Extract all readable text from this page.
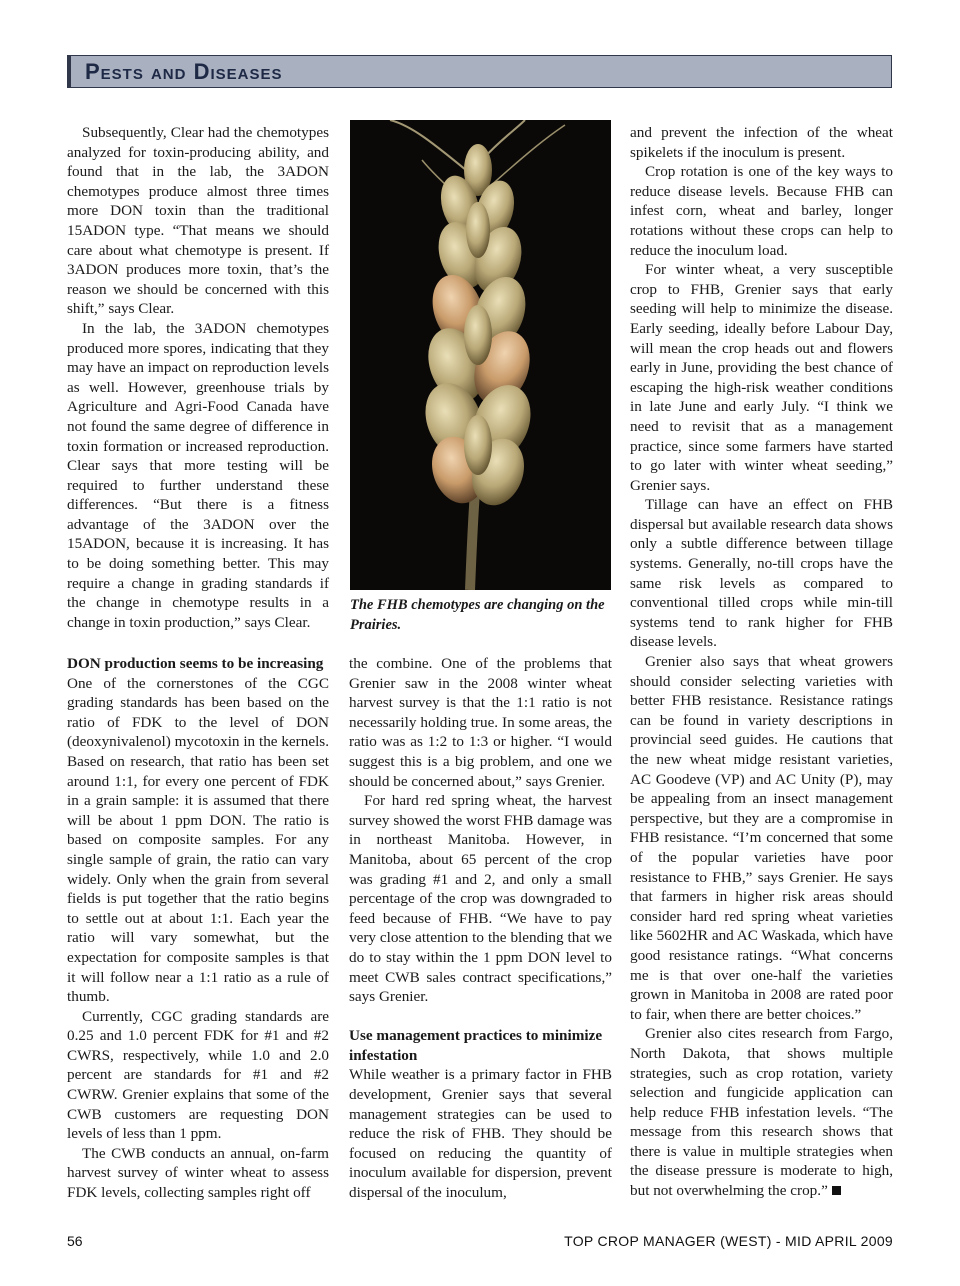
Pests and Diseases

Subsequently, Clear had the chemotypes analyzed for toxin-producing ability, and found that in the lab, the 3ADON chemotypes produce almost three times more DON toxin than the traditional 15ADON type. “That means we should care about what chemotype is present. If 3ADON produces more toxin, that’s the reason we should be concerned with this shift,” says Clear.

In the lab, the 3ADON chemotypes produced more spores, indicating that they may have an impact on reproduction levels as well. However, greenhouse trials by Agriculture and Agri-Food Canada have not found the same degree of difference in toxin formation or increased reproduction. Clear says that more testing will be required to further understand these differences. “But there is a fitness advantage of the 3ADON over the 15ADON, because it is increasing. It has to be doing something better. This may require a change in grading standards if the change in chemotype results in a change in toxin production,” says Clear.

DON production seems to be increasing

One of the cornerstones of the CGC grading standards has been based on the ratio of FDK to the level of DON (deoxynivalenol) mycotoxin in the kernels. Based on research, that ratio has been set around 1:1, for every one percent of FDK in a grain sample: it is assumed that there will be about 1 ppm DON. The ratio is based on composite samples. For any single sample of grain, the ratio can vary widely. Only when the grain from several fields is put together that the ratio begins to settle out at about 1:1. Each year the ratio will vary somewhat, but the expectation for composite samples is that it will follow near a 1:1 ratio as a rule of thumb.

Currently, CGC grading standards are 0.25 and 1.0 percent FDK for #1 and #2 CWRS, respectively, while 1.0 and 2.0 percent are standards for #1 and #2 CWRW. Grenier explains that some of the CWB customers are requesting DON levels of less than 1 ppm.

The CWB conducts an annual, on-farm harvest survey of winter wheat to assess FDK levels, collecting samples right off

The FHB chemotypes are changing on the Prairies.

the combine. One of the problems that Grenier saw in the 2008 winter wheat harvest survey is that the 1:1 ratio is not necessarily holding true. In some areas, the ratio was as 1:2 to 1:3 or higher. “I would suggest this is a big problem, and one we should be concerned about,” says Grenier.

For hard red spring wheat, the harvest survey showed the worst FHB damage was in northeast Manitoba. However, in Manitoba, about 65 percent of the crop was grading #1 and 2, and only a small percentage of the crop was downgraded to feed because of FHB. “We have to pay very close attention to the blending that we do to stay within the 1 ppm DON level to meet CWB sales contract specifications,” says Grenier.

Use management practices to minimize infestation

While weather is a primary factor in FHB development, Grenier says that several management strategies can be used to reduce the risk of FHB. They should be focused on reducing the quantity of inoculum available for dispersion, prevent dispersal of the inoculum,

and prevent the infection of the wheat spikelets if the inoculum is present.

Crop rotation is one of the key ways to reduce disease levels. Because FHB can infest corn, wheat and barley, longer rotations without these crops can help to reduce the inoculum load.

For winter wheat, a very susceptible crop to FHB, Grenier says that early seeding will help to minimize the disease. Early seeding, ideally before Labour Day, will mean the crop heads out and flowers early in June, providing the best chance of escaping the high-risk weather conditions in late June and early July. “I think we need to revisit that as a management practice, since some farmers have started to go later with winter wheat seeding,” Grenier says.

Tillage can have an effect on FHB dispersal but available research data shows only a subtle difference between tillage systems. Generally, no-till crops have the same risk levels as compared to conventional tilled crops while min-till systems tend to rank higher for FHB disease levels.

Grenier also says that wheat growers should consider selecting varieties with better FHB resistance. Resistance ratings can be found in variety descriptions in provincial seed guides. He cautions that the new wheat midge resistant varieties, AC Goodeve (VP) and AC Unity (P), may be appealing from an insect management perspective, but they are a compromise in FHB resistance. “I’m concerned that some of the popular varieties have poor resistance to FHB,” says Grenier. He says that farmers in higher risk areas should consider hard red spring wheat varieties like 5602HR and AC Waskada, which have good resistance ratings. “What concerns me is that over one-half the varieties grown in Manitoba in 2008 are rated poor to fair, when there are better choices.”

Grenier also cites research from Fargo, North Dakota, that shows multiple strategies, such as crop rotation, variety selection and fungicide application can help reduce FHB infestation levels. “The message from this research shows that there is value in multiple strategies when the disease pressure is moderate to high, but not overwhelming the crop.”

56	TOP CROP MANAGER (WEST) - MID APRIL 2009
